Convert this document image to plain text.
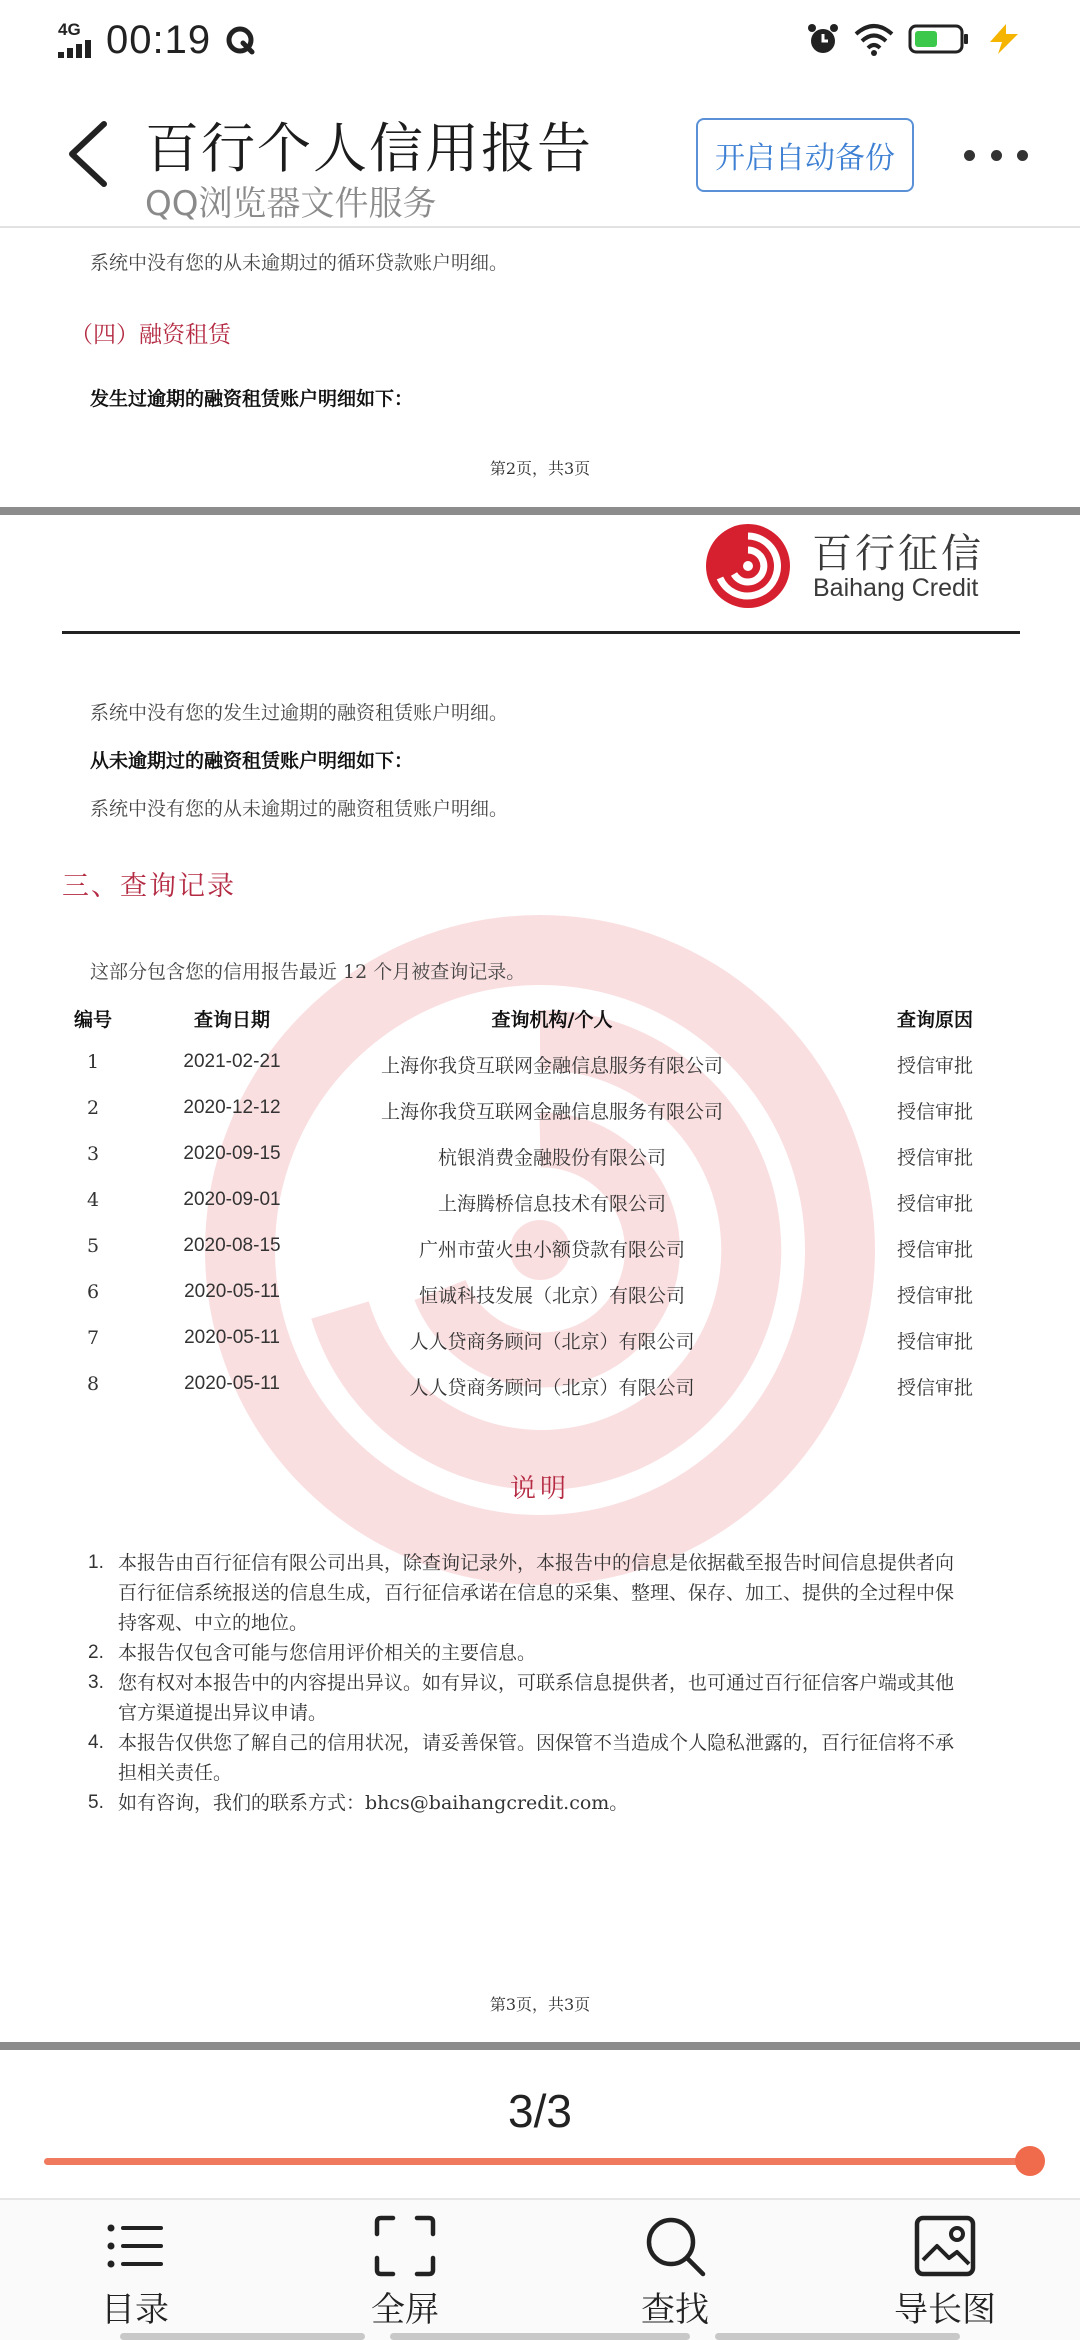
4G 00:19
百行个人信用报告
QQ浏览器文件服务
开启自动备份
系统中没有您的从未逾期过的循环贷款账户明细。
（四）融资租赁
发生过逾期的融资租赁账户明细如下：
第2页，共3页
百行征信
Baihang Credit
系统中没有您的发生过逾期的融资租赁账户明细。
从未逾期过的融资租赁账户明细如下：
系统中没有您的从未逾期过的融资租赁账户明细。
三、查询记录
这部分包含您的信用报告最近 12 个月被查询记录。
编号	查询日期	查询机构/个人	查询原因
1	2021-02-21	上海你我贷互联网金融信息服务有限公司	授信审批
2	2020-12-12	上海你我贷互联网金融信息服务有限公司	授信审批
3	2020-09-15	杭银消费金融股份有限公司	授信审批
4	2020-09-01	上海腾桥信息技术有限公司	授信审批
5	2020-08-15	广州市萤火虫小额贷款有限公司	授信审批
6	2020-05-11	恒诚科技发展（北京）有限公司	授信审批
7	2020-05-11	人人贷商务顾问（北京）有限公司	授信审批
8	2020-05-11	人人贷商务顾问（北京）有限公司	授信审批
说明
1. 本报告由百行征信有限公司出具，除查询记录外，本报告中的信息是依据截至报告时间信息提供者向
百行征信系统报送的信息生成，百行征信承诺在信息的采集、整理、保存、加工、提供的全过程中保
持客观、中立的地位。
2. 本报告仅包含可能与您信用评价相关的主要信息。
3. 您有权对本报告中的内容提出异议。如有异议，可联系信息提供者，也可通过百行征信客户端或其他
官方渠道提出异议申请。
4. 本报告仅供您了解自己的信用状况，请妥善保管。因保管不当造成个人隐私泄露的，百行征信将不承
担相关责任。
5. 如有咨询，我们的联系方式：bhcs@baihangcredit.com。
第3页，共3页
3/3
目录	全屏	查找	导长图
